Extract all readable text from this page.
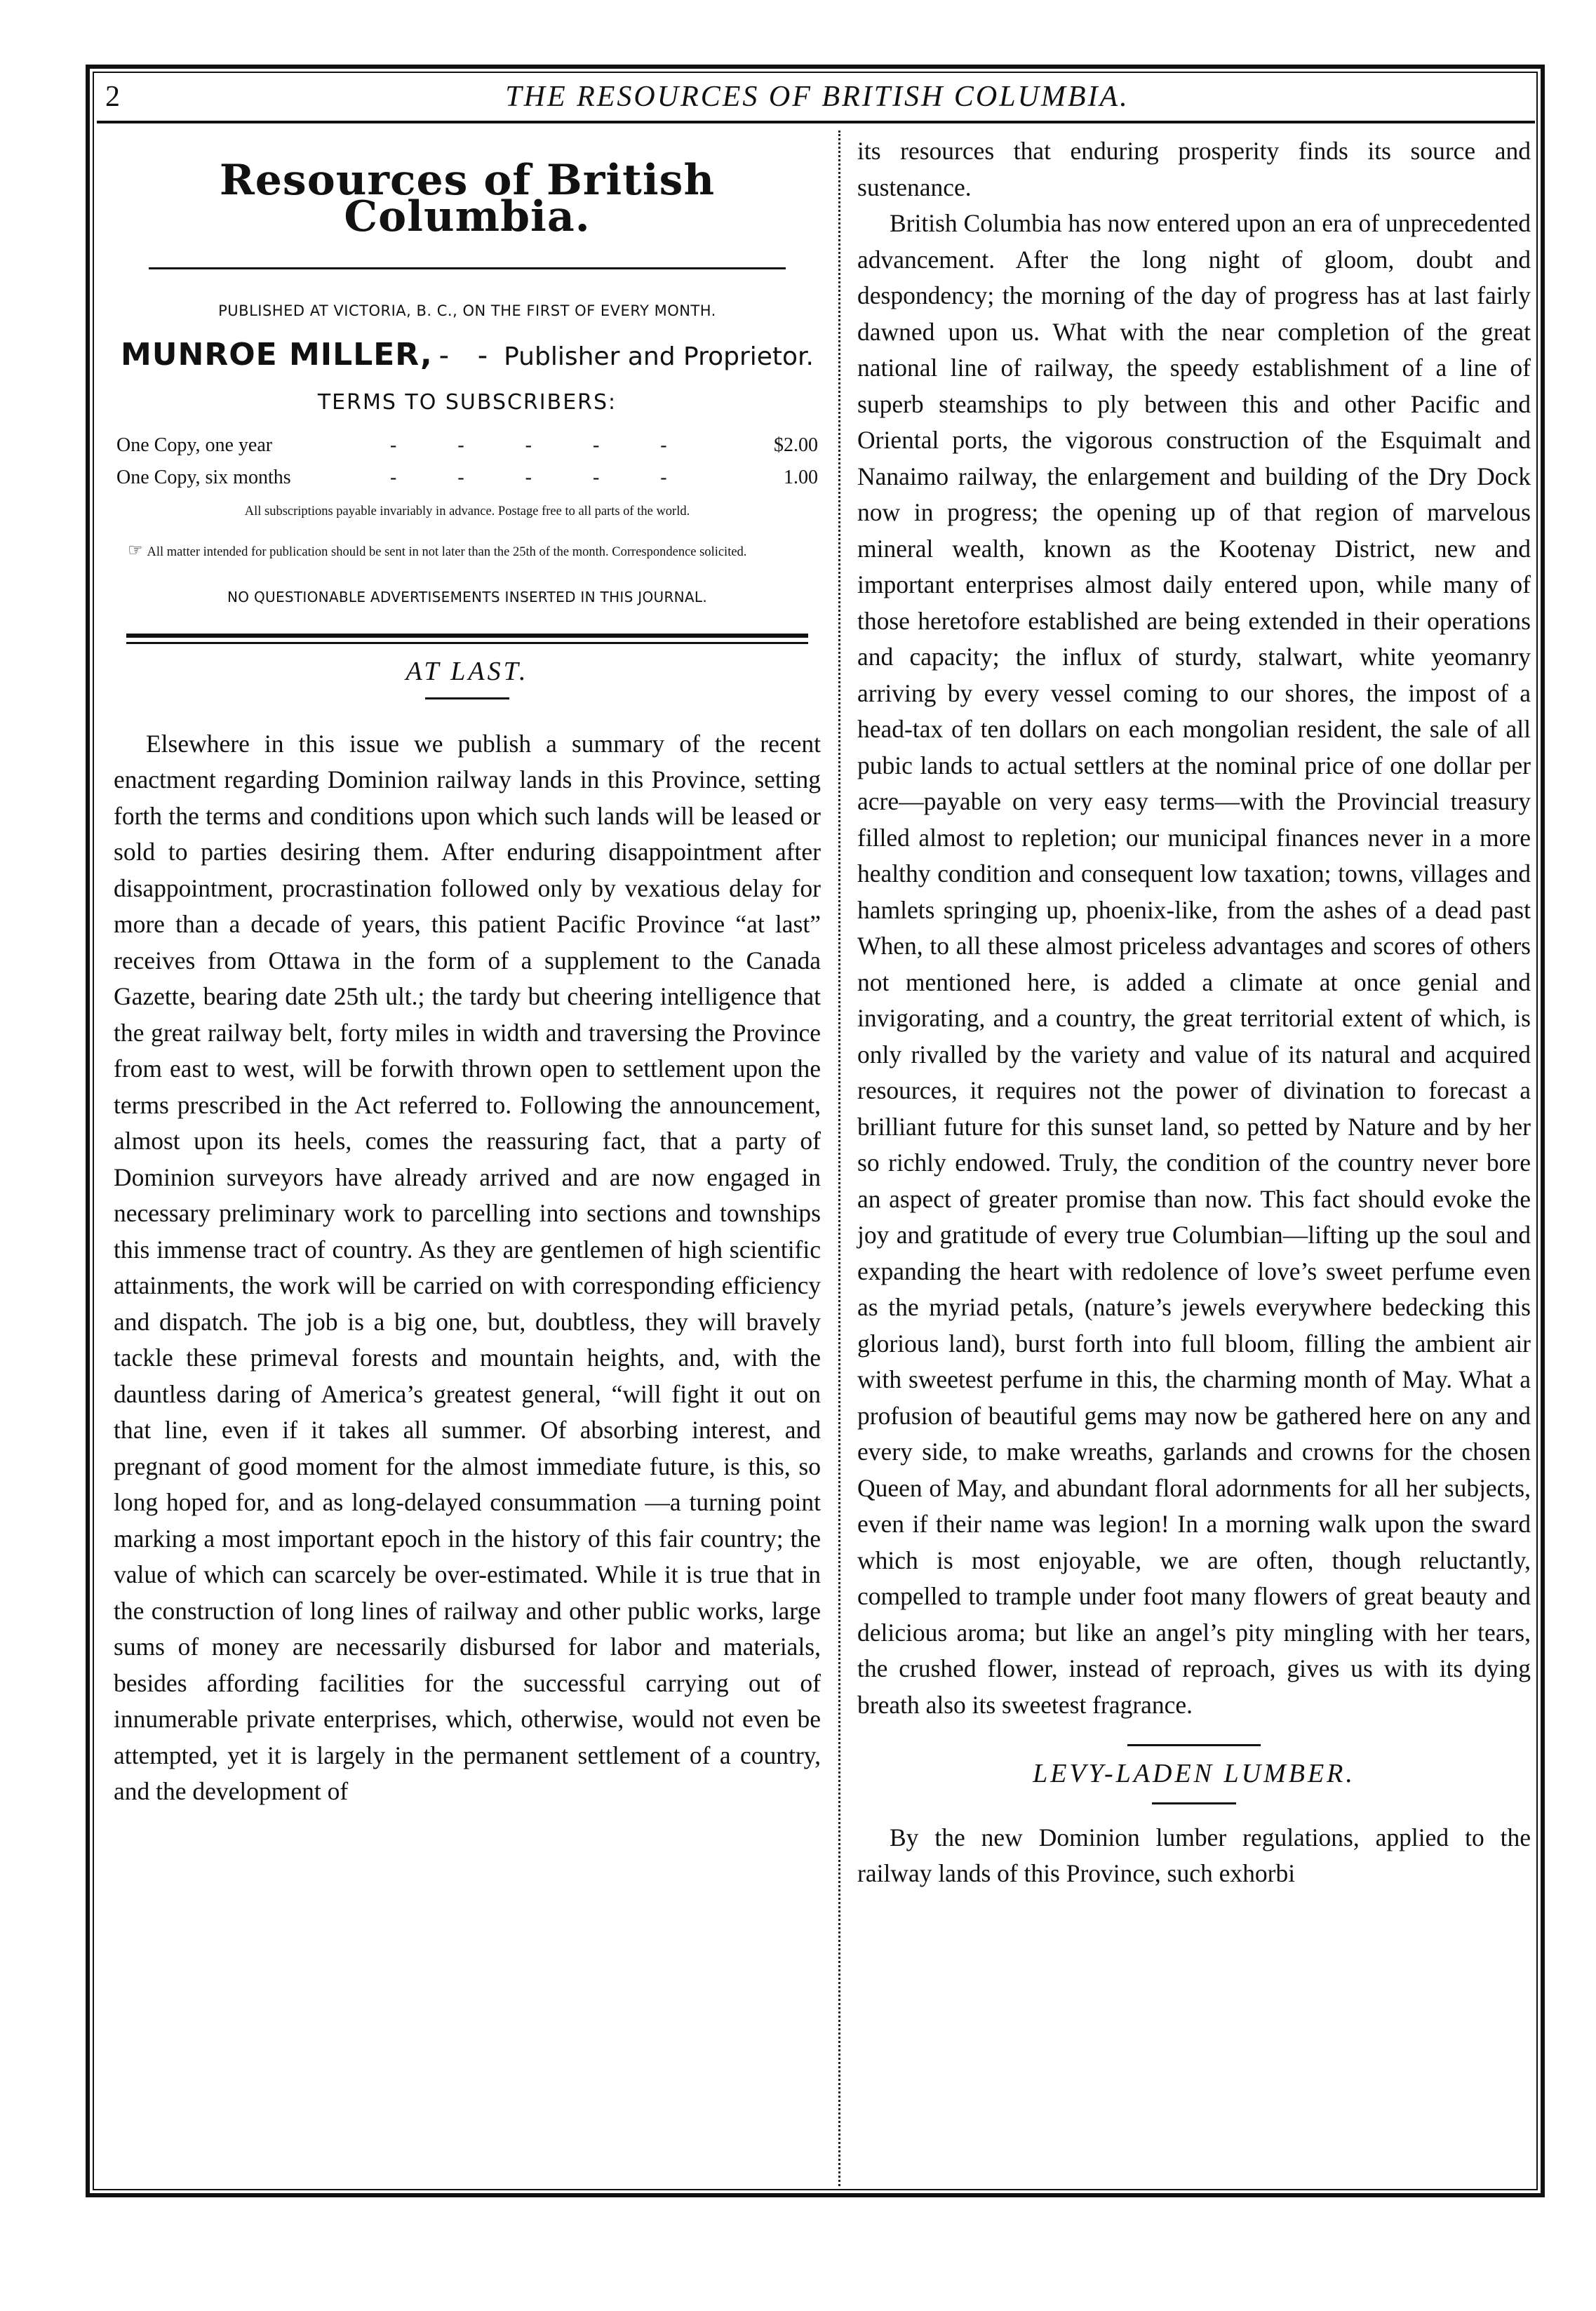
2	THE RESOURCES OF BRITISH COLUMBIA.
Resources of British Columbia.
PUBLISHED AT VICTORIA, B. C., ON THE FIRST OF EVERY MONTH.
MUNROE MILLER, - - Publisher and Proprietor.
TERMS TO SUBSCRIBERS:
One Copy, one year	- - - - -	$2.00
One Copy, six months	- - - - -	1.00
All subscriptions payable invariably in advance. Postage free to all parts of the world.
☞ All matter intended for publication should be sent in not later than the 25th of the month. Correspondence solicited.
NO QUESTIONABLE ADVERTISEMENTS INSERTED IN THIS JOURNAL.
AT LAST.

Elsewhere in this issue we publish a summary of the recent enactment regarding Dominion railway lands in this Province, setting forth the terms and conditions upon which such lands will be leased or sold to parties desiring them. After enduring disappointment after disappointment, procrastination followed only by vexatious delay for more than a decade of years, this patient Pacific Province “at last” receives from Ottawa in the form of a supplement to the Canada Gazette, bearing date 25th ult.; the tardy but cheering intelligence that the great railway belt, forty miles in width and traversing the Province from east to west, will be forwith thrown open to settlement upon the terms prescribed in the Act referred to. Following the announcement, almost upon its heels, comes the reassuring fact, that a party of Dominion surveyors have already arrived and are now engaged in necessary preliminary work to parcelling into sections and townships this immense tract of country. As they are gentlemen of high scientific attainments, the work will be carried on with corresponding efficiency and dispatch. The job is a big one, but, doubtless, they will bravely tackle these primeval forests and mountain heights, and, with the dauntless daring of America’s greatest general, “will fight it out on that line, even if it takes all summer. Of absorbing interest, and pregnant of good moment for the almost immediate future, is this, so long hoped for, and as long-delayed consummation —a turning point marking a most important epoch in the history of this fair country; the value of which can scarcely be over-estimated. While it is true that in the construction of long lines of railway and other public works, large sums of money are necessarily disbursed for labor and materials, besides affording facilities for the successful carrying out of innumerable private enterprises, which, otherwise, would not even be attempted, yet it is largely in the permanent settlement of a country, and the development of

its resources that enduring prosperity finds its source and sustenance.

British Columbia has now entered upon an era of unprecedented advancement. After the long night of gloom, doubt and despondency; the morning of the day of progress has at last fairly dawned upon us. What with the near completion of the great national line of railway, the speedy establishment of a line of superb steamships to ply between this and other Pacific and Oriental ports, the vigorous construction of the Esquimalt and Nanaimo railway, the enlargement and building of the Dry Dock now in progress; the opening up of that region of marvelous mineral wealth, known as the Kootenay District, new and important enterprises almost daily entered upon, while many of those heretofore established are being extended in their operations and capacity; the influx of sturdy, stalwart, white yeomanry arriving by every vessel coming to our shores, the impost of a head-tax of ten dollars on each mongolian resident, the sale of all pubic lands to actual settlers at the nominal price of one dollar per acre—payable on very easy terms—with the Provincial treasury filled almost to repletion; our municipal finances never in a more healthy condition and consequent low taxation; towns, villages and hamlets springing up, phoenix-like, from the ashes of a dead past When, to all these almost priceless advantages and scores of others not mentioned here, is added a climate at once genial and invigorating, and a country, the great territorial extent of which, is only rivalled by the variety and value of its natural and acquired resources, it requires not the power of divination to forecast a brilliant future for this sunset land, so petted by Nature and by her so richly endowed. Truly, the condition of the country never bore an aspect of greater promise than now. This fact should evoke the joy and gratitude of every true Columbian—lifting up the soul and expanding the heart with redolence of love’s sweet perfume even as the myriad petals, (nature’s jewels everywhere bedecking this glorious land), burst forth into full bloom, filling the ambient air with sweetest perfume in this, the charming month of May. What a profusion of beautiful gems may now be gathered here on any and every side, to make wreaths, garlands and crowns for the chosen Queen of May, and abundant floral adornments for all her subjects, even if their name was legion! In a morning walk upon the sward which is most enjoyable, we are often, though reluctantly, compelled to trample under foot many flowers of great beauty and delicious aroma; but like an angel’s pity mingling with her tears, the crushed flower, instead of reproach, gives us with its dying breath also its sweetest fragrance.

LEVY-LADEN LUMBER.

By the new Dominion lumber regulations, applied to the railway lands of this Province, such exhorbi
